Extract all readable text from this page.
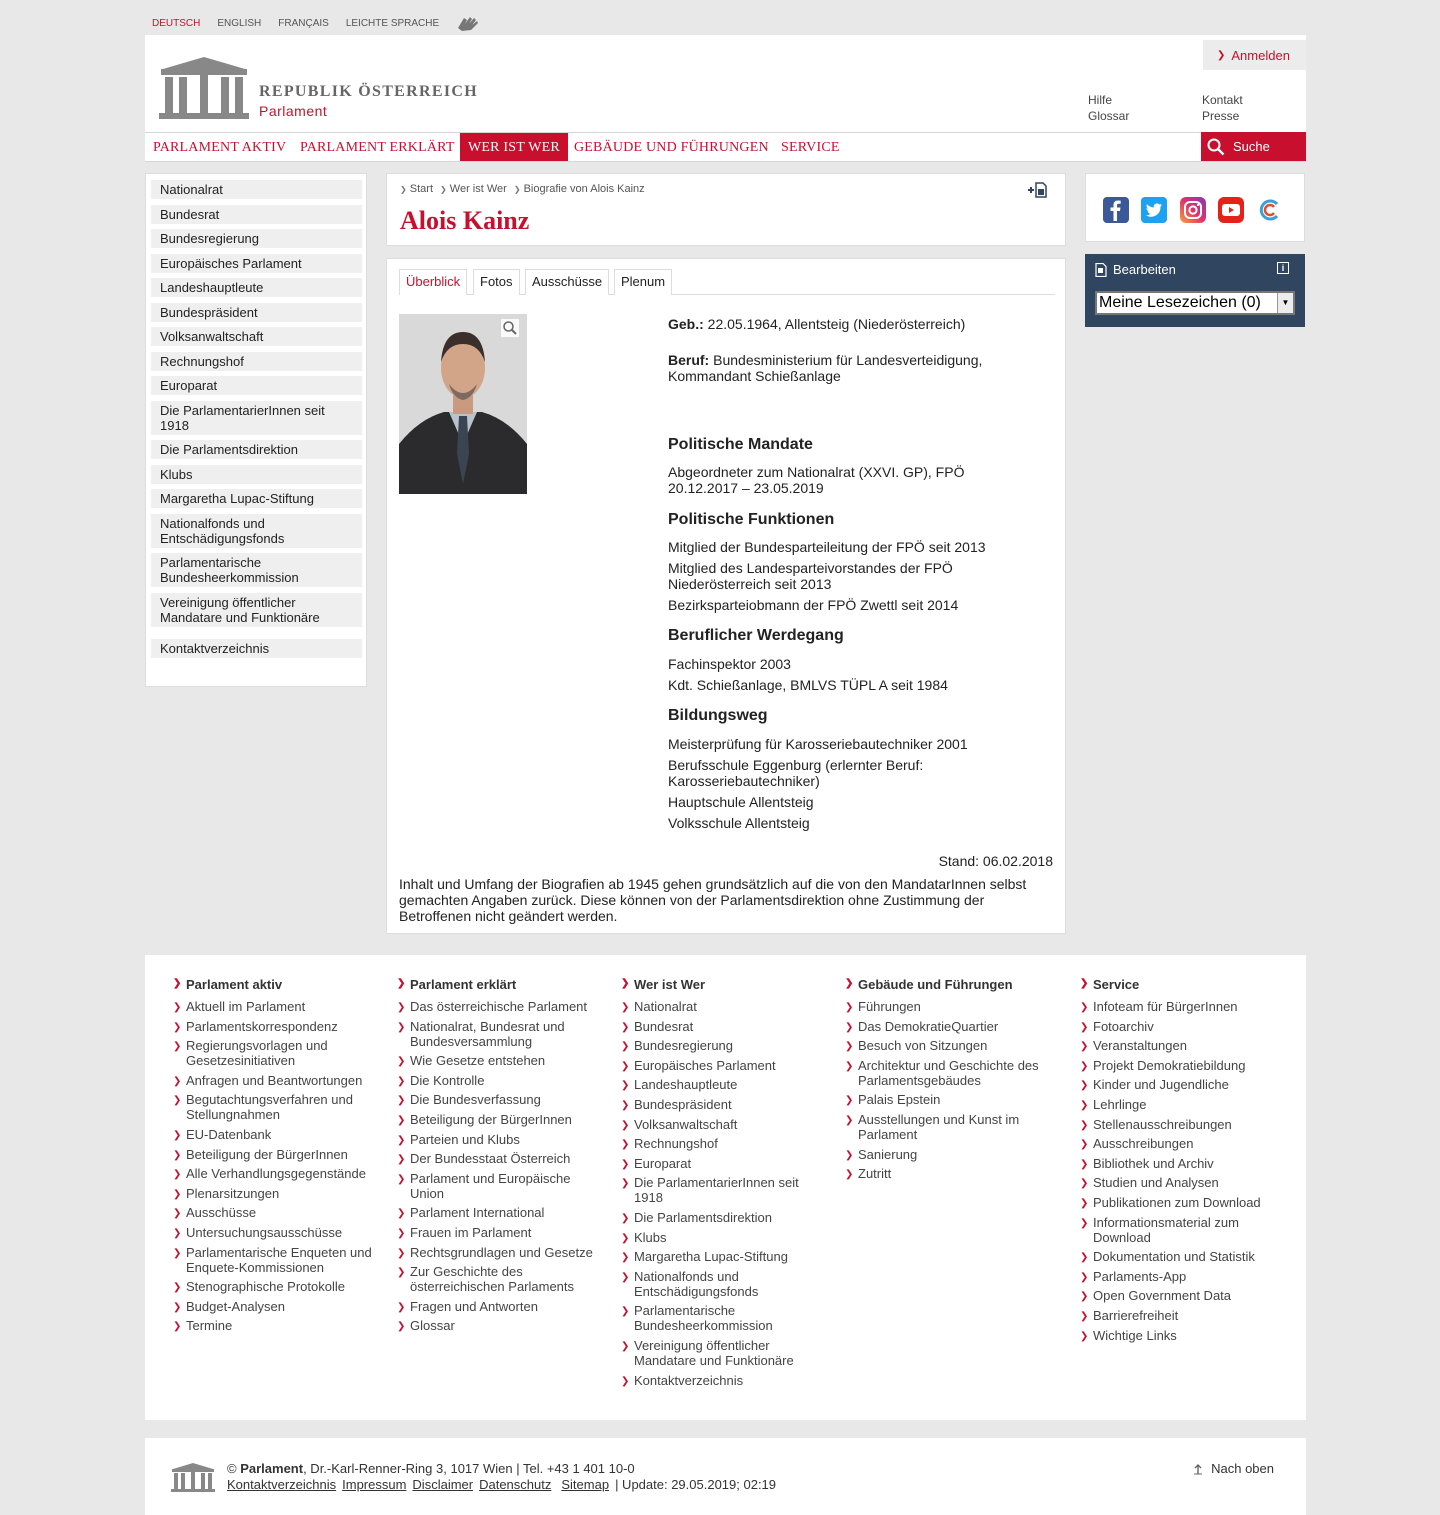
DEUTSCH ENGLISH FRANÇAIS LEICHTE SPRACHE
REPUBLIK ÖSTERREICH
Parlament
❯ Anmelden
Hilfe
Glossar
Kontakt
Presse
PARLAMENT AKTIV PARLAMENT ERKLÄRT WER IST WER	GEBÄUDE UND FÜHRUNGEN SERVICE	Suche
Nationalrat
Bundesrat
Bundesregierung
Europäisches Parlament
Landeshauptleute
Bundespräsident
Volksanwaltschaft
Rechnungshof
Europarat
Die ParlamentarierInnen seit 1918
Die Parlamentsdirektion
Klubs
Margaretha Lupac-Stiftung
Nationalfonds und Entschädigungsfonds
Parlamentarische Bundesheerkommission
Vereinigung öffentlicher Mandatare und Funktionäre
Kontaktverzeichnis
❯ Start ❯ Wer ist Wer ❯ Biografie von Alois Kainz
Alois Kainz
Überblick	Fotos	Ausschüsse	Plenum
Geb.: 22.05.1964, Allentsteig (Niederösterreich)
Beruf: Bundesministerium für Landesverteidigung,
Kommandant Schießanlage
Politische Mandate
Abgeordneter zum Nationalrat (XXVI. GP), FPÖ
20.12.2017 – 23.05.2019
Politische Funktionen
Mitglied der Bundesparteileitung der FPÖ seit 2013
Mitglied des Landesparteivorstandes der FPÖ Niederösterreich seit 2013
Bezirksparteiobmann der FPÖ Zwettl seit 2014
Beruflicher Werdegang
Fachinspektor 2003
Kdt. Schießanlage, BMLVS TÜPL A seit 1984
Bildungsweg
Meisterprüfung für Karosseriebautechniker 2001
Berufsschule Eggenburg (erlernter Beruf: Karosseriebautechniker)
Hauptschule Allentsteig
Volksschule Allentsteig
Stand: 06.02.2018

Inhalt und Umfang der Biografien ab 1945 gehen grundsätzlich auf die von den MandatarInnen selbst gemachten Angaben zurück. Diese können von der Parlamentsdirektion ohne Zustimmung der Betroffenen nicht geändert werden.

Bearbeiten	i
Meine Lesezeichen (0)	▼
❯ Parlament aktiv
❯ Aktuell im Parlament
❯ Parlamentskorrespondenz
❯ Regierungsvorlagen und Gesetzesinitiativen
❯ Anfragen und Beantwortungen
❯ Begutachtungsverfahren und Stellungnahmen
❯ EU-Datenbank
❯ Beteiligung der BürgerInnen
❯ Alle Verhandlungsgegenstände
❯ Plenarsitzungen
❯ Ausschüsse
❯ Untersuchungsausschüsse
❯ Parlamentarische Enqueten und Enquete-Kommissionen
❯ Stenographische Protokolle
❯ Budget-Analysen
❯ Termine
❯ Parlament erklärt
❯ Das österreichische Parlament
❯ Nationalrat, Bundesrat und Bundesversammlung
❯ Wie Gesetze entstehen
❯ Die Kontrolle
❯ Die Bundesverfassung
❯ Beteiligung der BürgerInnen
❯ Parteien und Klubs
❯ Der Bundesstaat Österreich
❯ Parlament und Europäische Union
❯ Parlament International
❯ Frauen im Parlament
❯ Rechtsgrundlagen und Gesetze
❯ Zur Geschichte des österreichischen Parlaments
❯ Fragen und Antworten
❯ Glossar
❯ Wer ist Wer
❯ Nationalrat
❯ Bundesrat
❯ Bundesregierung
❯ Europäisches Parlament
❯ Landeshauptleute
❯ Bundespräsident
❯ Volksanwaltschaft
❯ Rechnungshof
❯ Europarat
❯ Die ParlamentarierInnen seit 1918
❯ Die Parlamentsdirektion
❯ Klubs
❯ Margaretha Lupac-Stiftung
❯ Nationalfonds und Entschädigungsfonds
❯ Parlamentarische Bundesheerkommission
❯ Vereinigung öffentlicher Mandatare und Funktionäre
❯ Kontaktverzeichnis
❯ Gebäude und Führungen
❯ Führungen
❯ Das DemokratieQuartier
❯ Besuch von Sitzungen
❯ Architektur und Geschichte des Parlamentsgebäudes
❯ Palais Epstein
❯ Ausstellungen und Kunst im Parlament
❯ Sanierung
❯ Zutritt
❯ Service
❯ Infoteam für BürgerInnen
❯ Fotoarchiv
❯ Veranstaltungen
❯ Projekt Demokratiebildung
❯ Kinder und Jugendliche
❯ Lehrlinge
❯ Stellenausschreibungen
❯ Ausschreibungen
❯ Bibliothek und Archiv
❯ Studien und Analysen
❯ Publikationen zum Download
❯ Informationsmaterial zum Download
❯ Dokumentation und Statistik
❯ Parlaments-App
❯ Open Government Data
❯ Barrierefreiheit
❯ Wichtige Links
© Parlament, Dr.-Karl-Renner-Ring 3, 1017 Wien | Tel. +43 1 401 10-0
Kontaktverzeichnis Impressum Disclaimer Datenschutz Sitemap | Update: 29.05.2019; 02:19
Nach oben
